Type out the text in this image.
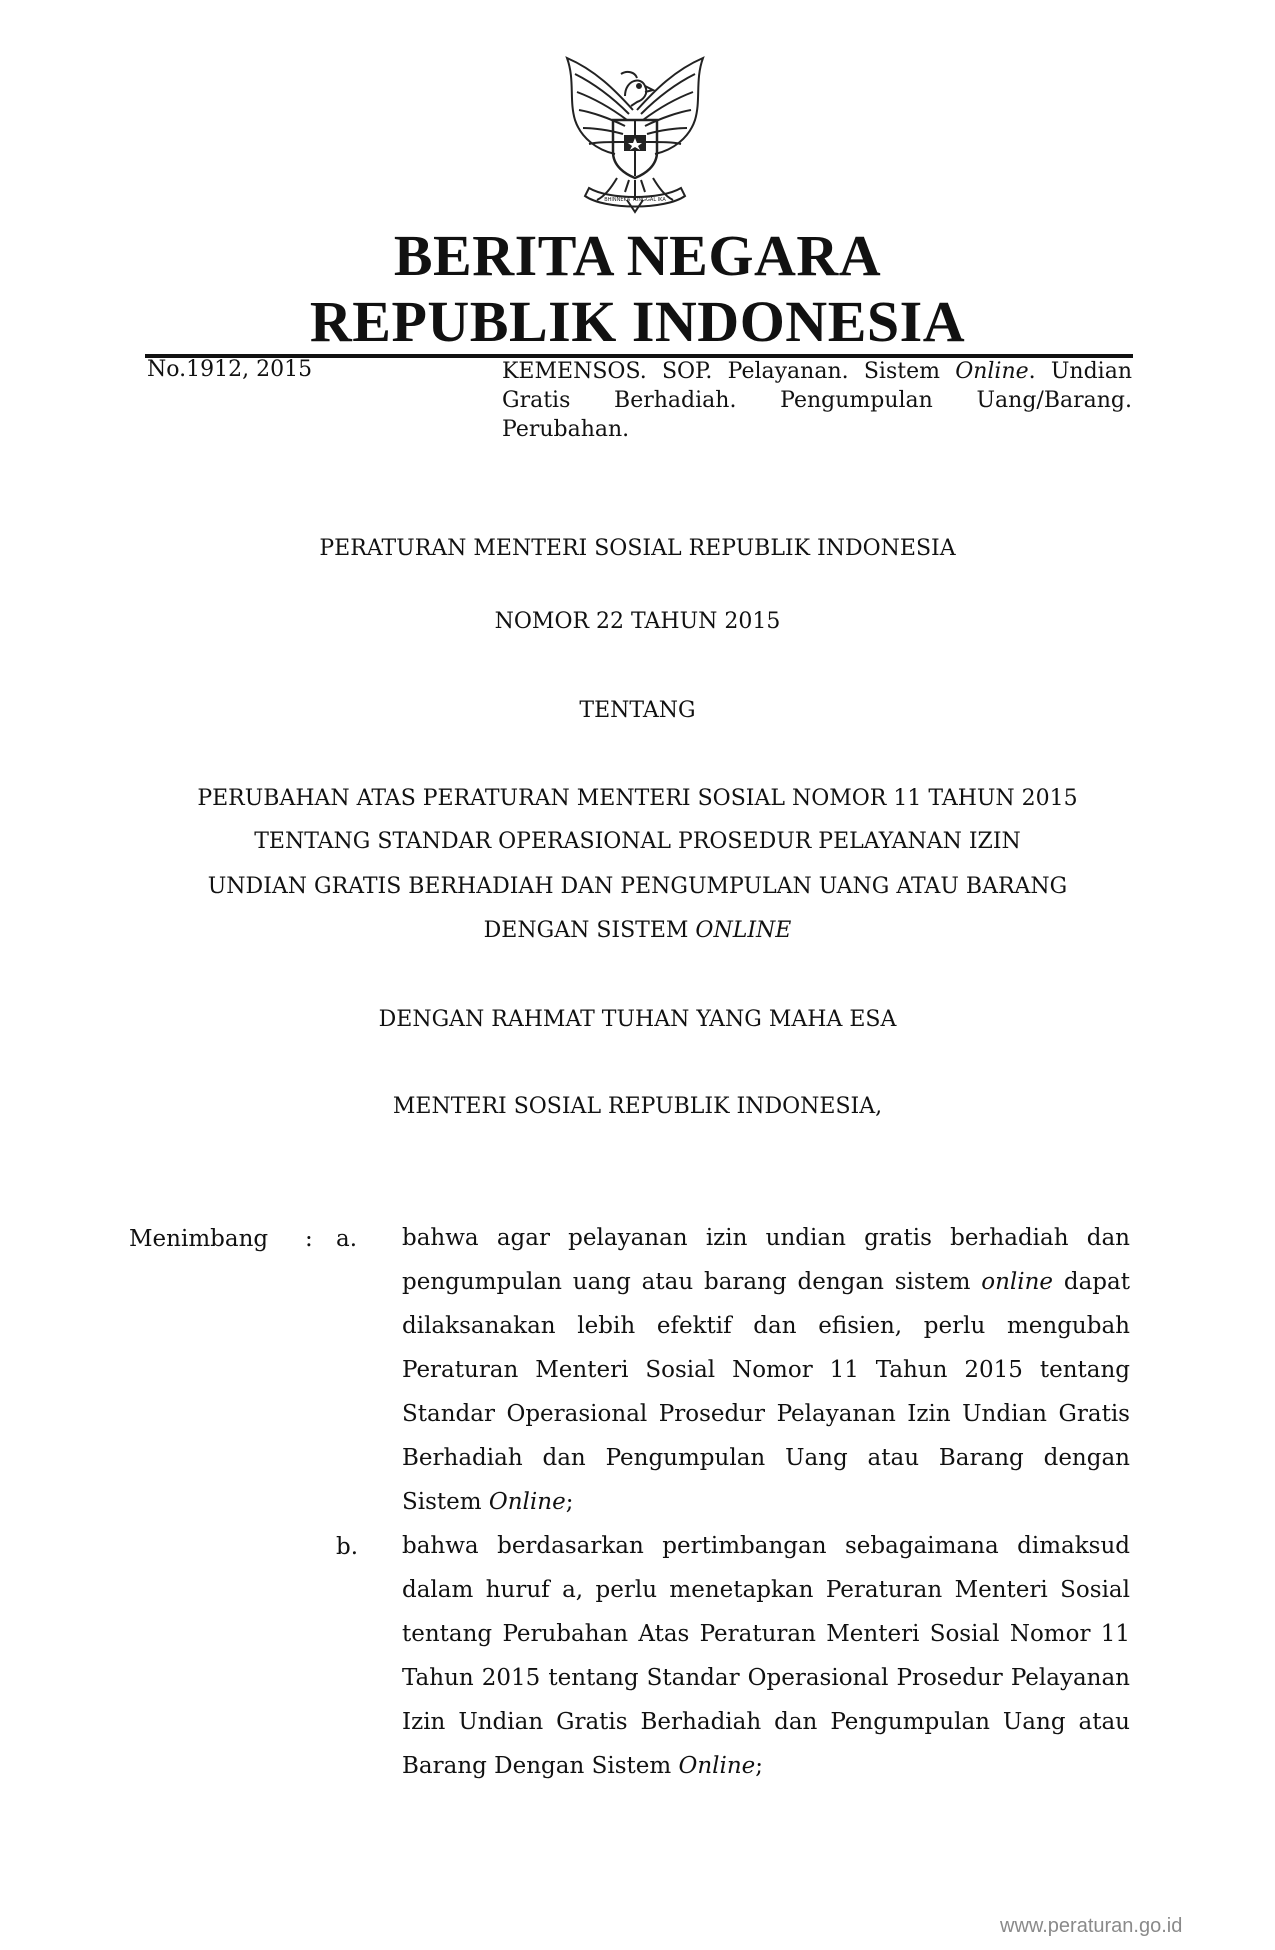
BHINNEKA TUNGGAL IKA
BERITA NEGARA
REPUBLIK INDONESIA
No.1912, 2015	KEMENSOS. SOP. Pelayanan. Sistem Online. Undian Gratis Berhadiah. Pengumpulan Uang/Barang. Perubahan.
PERATURAN MENTERI SOSIAL REPUBLIK INDONESIA
NOMOR 22 TAHUN 2015
TENTANG
PERUBAHAN ATAS PERATURAN MENTERI SOSIAL NOMOR 11 TAHUN 2015
TENTANG STANDAR OPERASIONAL PROSEDUR PELAYANAN IZIN
UNDIAN GRATIS BERHADIAH DAN PENGUMPULAN UANG ATAU BARANG
DENGAN SISTEM ONLINE
DENGAN RAHMAT TUHAN YANG MAHA ESA
MENTERI SOSIAL REPUBLIK INDONESIA,
Menimbang : a. bahwa agar pelayanan izin undian gratis berhadiah dan pengumpulan uang atau barang dengan sistem online dapat dilaksanakan lebih efektif dan efisien, perlu mengubah Peraturan Menteri Sosial Nomor 11 Tahun 2015 tentang Standar Operasional Prosedur Pelayanan Izin Undian Gratis Berhadiah dan Pengumpulan Uang atau Barang dengan Sistem Online;
b. bahwa berdasarkan pertimbangan sebagaimana dimaksud dalam huruf a, perlu menetapkan Peraturan Menteri Sosial tentang Perubahan Atas Peraturan Menteri Sosial Nomor 11 Tahun 2015 tentang Standar Operasional Prosedur Pelayanan Izin Undian Gratis Berhadiah dan Pengumpulan Uang atau Barang Dengan Sistem Online;
www.peraturan.go.id
